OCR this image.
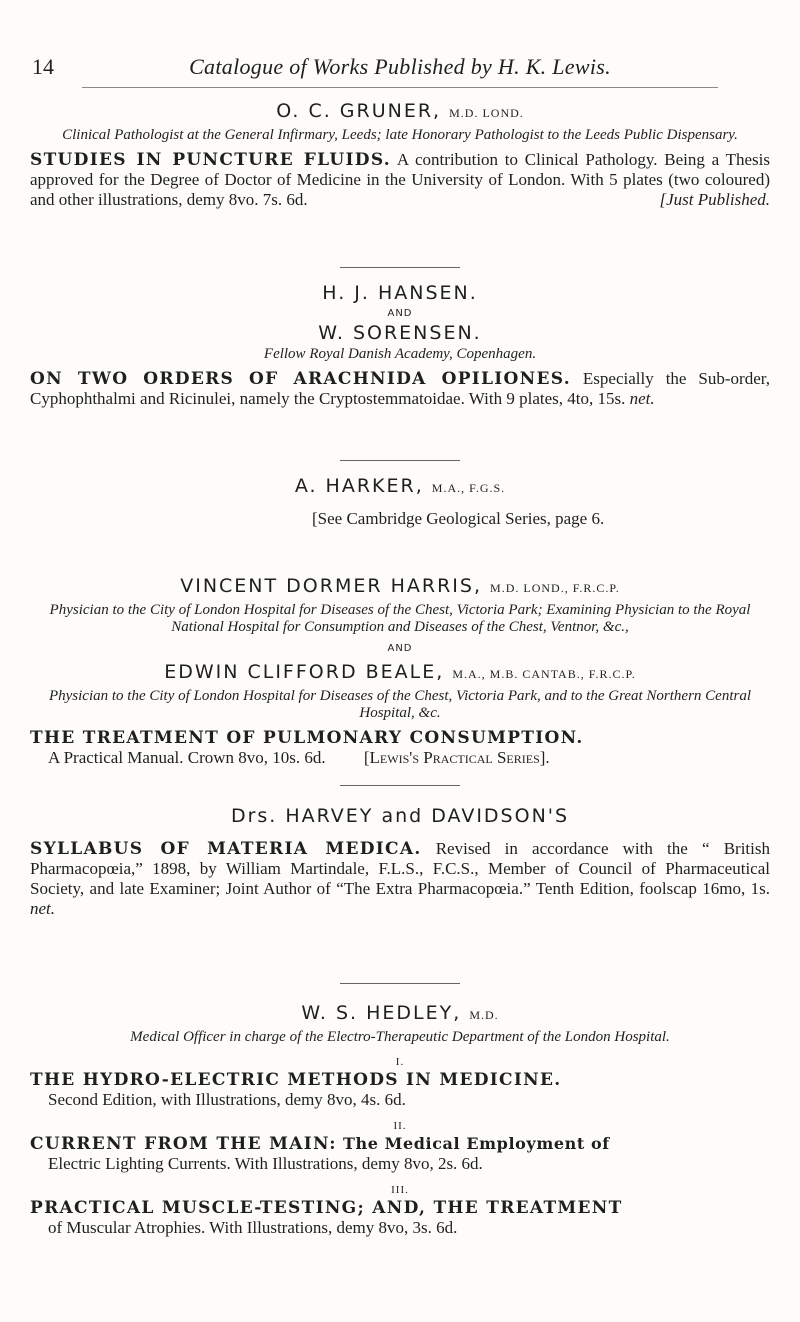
14	Catalogue of Works Published by H. K. Lewis.
O. C. GRUNER, M.D. LOND.
Clinical Pathologist at the General Infirmary, Leeds; late Honorary Pathologist to the Leeds Public Dispensary.
STUDIES IN PUNCTURE FLUIDS. A contribution to Clinical Pathology. Being a Thesis approved for the Degree of Doctor of Medicine in the University of London. With 5 plates (two coloured) and other illustrations, demy 8vo. 7s. 6d.	[Just Published.
H. J. HANSEN.
AND
W. SORENSEN.
Fellow Royal Danish Academy, Copenhagen.
ON TWO ORDERS OF ARACHNIDA OPILIONES. Especially the Sub-order, Cyphophthalmi and Ricinulei, namely the Cryptostemmatoidae. With 9 plates, 4to, 15s. net.
A. HARKER, M.A., F.G.S.
[See Cambridge Geological Series, page 6.
VINCENT DORMER HARRIS, M.D. LOND., F.R.C.P.
Physician to the City of London Hospital for Diseases of the Chest, Victoria Park; Examining Physician to the Royal National Hospital for Consumption and Diseases of the Chest, Ventnor, &c.,
AND
EDWIN CLIFFORD BEALE, M.A., M.B. CANTAB., F.R.C.P.
Physician to the City of London Hospital for Diseases of the Chest, Victoria Park, and to the Great Northern Central Hospital, &c.
THE TREATMENT OF PULMONARY CONSUMPTION.
A Practical Manual. Crown 8vo, 10s. 6d. [Lewis's Practical Series].
Drs. HARVEY and DAVIDSON'S
SYLLABUS OF MATERIA MEDICA. Revised in accordance with the “ British Pharmacopœia,” 1898, by William Martindale, F.L.S., F.C.S., Member of Council of Pharmaceutical Society, and late Examiner; Joint Author of “The Extra Pharmacopœia.” Tenth Edition, foolscap 16mo, 1s. net.
W. S. HEDLEY, M.D.
Medical Officer in charge of the Electro-Therapeutic Department of the London Hospital.
I.
THE HYDRO-ELECTRIC METHODS IN MEDICINE.
Second Edition, with Illustrations, demy 8vo, 4s. 6d.
II.
CURRENT FROM THE MAIN: The Medical Employment of
Electric Lighting Currents. With Illustrations, demy 8vo, 2s. 6d.
III.
PRACTICAL MUSCLE-TESTING; AND, THE TREATMENT
of Muscular Atrophies. With Illustrations, demy 8vo, 3s. 6d.
